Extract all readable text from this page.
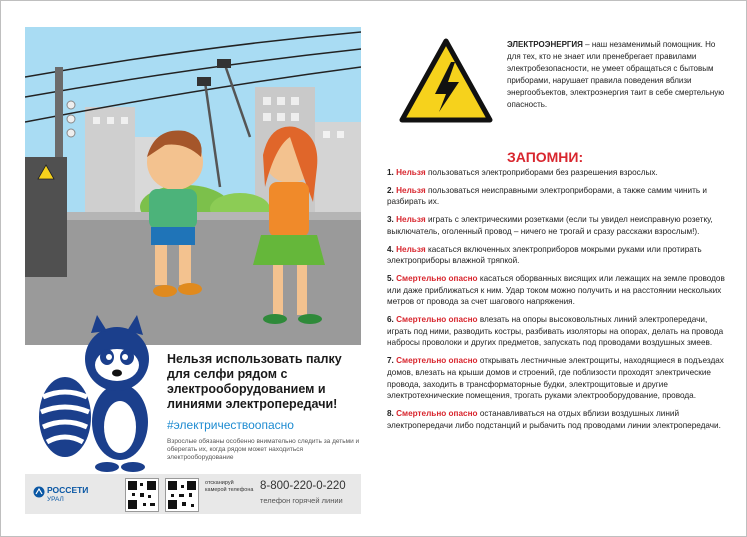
Нельзя использовать палку для селфи рядом с электрооборудованием и линиями электропередачи!
#электричествоопасно
Взрослые обязаны особенно внимательно следить за детьми и оберегать их, когда рядом может находиться электрооборудование
РОССЕТИ
УРАЛ
отсканируй камерой телефона 8-800-220-0-220
телефон горячей линии
ЭЛЕКТРОЭНЕРГИЯ – наш незаменимый помощник. Но для тех, кто не знает или пренебрегает правилами электробезопасности, не умеет обращаться с бытовым приборами, нарушает правила поведения вблизи энергообъектов, электроэнергия таит в себе смертельную опасность.
ЗАПОМНИ:
1. Нельзя пользоваться электроприборами без разрешения взрослых.
2. Нельзя пользоваться неисправными электроприборами, а также самим чинить и разбирать их.
3. Нельзя играть с электрическими розетками (если ты увидел неисправную розетку, выключатель, оголенный провод – ничего не трогай и сразу расскажи взрослым!).
4. Нельзя касаться включенных электроприборов мокрыми руками или протирать электроприборы влажной тряпкой.
5. Смертельно опасно касаться оборванных висящих или лежащих на земле проводов или даже приближаться к ним. Удар током можно получить и на расстоянии нескольких метров от провода за счет шагового напряжения.
6. Смертельно опасно влезать на опоры высоковольтных линий электропередачи, играть под ними, разводить костры, разбивать изоляторы на опорах, делать на провода набросы проволоки и других предметов, запускать под проводами воздушных змеев.
7. Смертельно опасно открывать лестничные электрощиты, находящиеся в подъездах домов, влезать на крыши домов и строений, где поблизости проходят электрические провода, заходить в трансформаторные будки, электрощитовые и другие электротехнические помещения, трогать руками электрооборудование, провода.
8. Смертельно опасно останавливаться на отдых вблизи воздушных линий электропередачи либо подстанций и рыбачить под проводами линии электропередачи.
